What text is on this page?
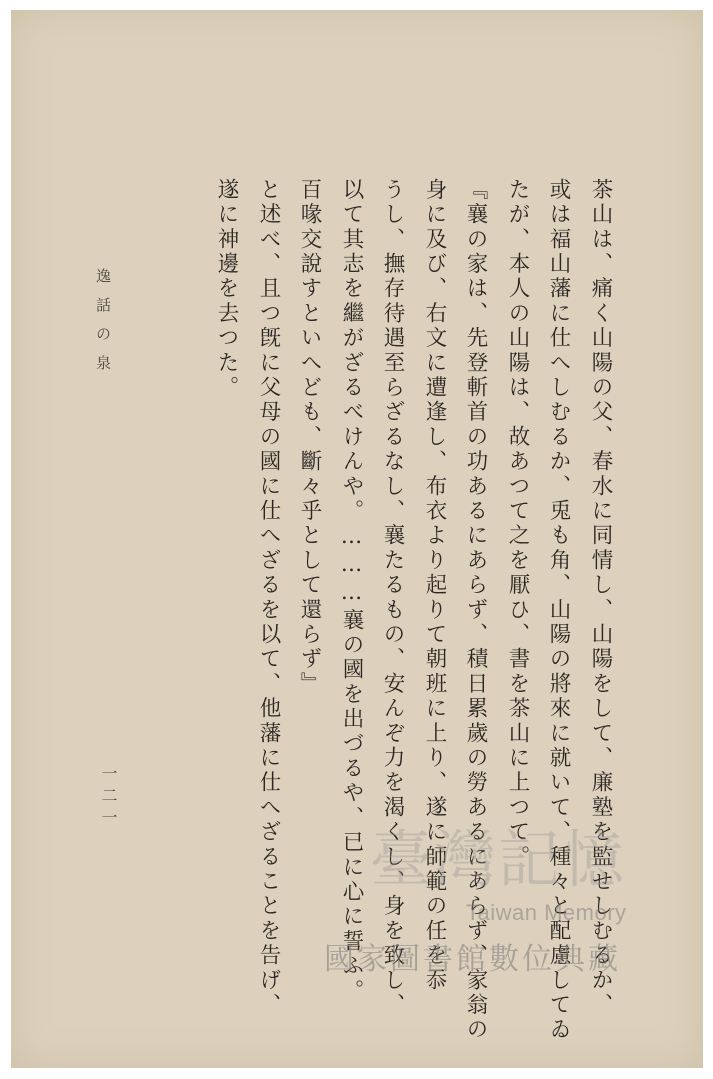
茶山は、痛く山陽の父、春水に同情し、山陽をして、廉塾を監せしむるか、
或は福山藩に仕へしむるか、兎も角、山陽の將來に就いて、種々と配慮してゐ
たが、本人の山陽は、故あつて之を厭ひ、書を茶山に上つて。
『襄の家は、先登斬首の功あるにあらず、積日累歲の勞あるにあらず、家翁の
身に及び、右文に遭逢し、布衣より起りて朝班に上り、遂に師範の任を忝
うし、撫存待遇至らざるなし、襄たるもの、安んぞ力を渴くし、身を致し、
以て其志を繼がざるべけんや。………襄の國を出づるや、已に心に誓ふ。
百喙交說すといへども、斷々乎として還らず』
と述べ、且つ旣に父母の國に仕へざるを以て、他藩に仕へざることを告げ、
遂に神邊を去つた。
逸話の泉
一二一
臺灣記憶
Taiwan Memory
國家圖書館數位典藏
